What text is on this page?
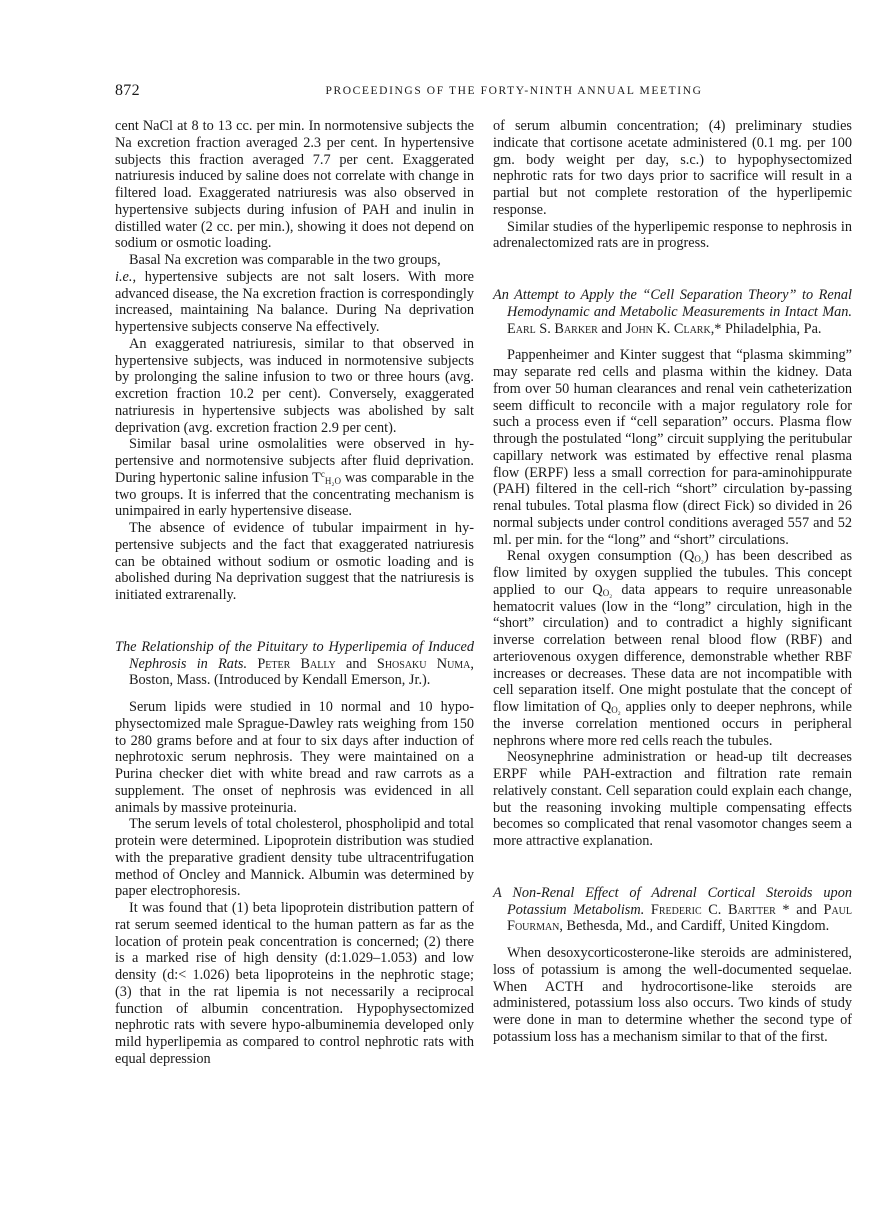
872	PROCEEDINGS OF THE FORTY-NINTH ANNUAL MEETING

cent NaCl at 8 to 13 cc. per min. In normotensive subjects the Na excretion fraction averaged 2.3 per cent. In hypertensive subjects this fraction averaged 7.7 per cent. Exaggerated natriuresis induced by saline does not correlate with change in filtered load. Exaggerated natriuresis was also observed in hypertensive subjects during infusion of PAH and inulin in distilled water (2 cc. per min.), showing it does not depend on sodium or osmotic loading.

Basal Na excretion was comparable in the two groups,

i.e., hypertensive subjects are not salt losers. With more advanced disease, the Na excretion fraction is correspondingly increased, maintaining Na balance. During Na deprivation hypertensive subjects conserve Na effectively.

An exaggerated natriuresis, similar to that observed in hypertensive subjects, was induced in normotensive subjects by prolonging the saline infusion to two or three hours (avg. excretion fraction 10.2 per cent). Conversely, exaggerated natriuresis in hypertensive subjects was abolished by salt deprivation (avg. excretion fraction 2.9 per cent).

Similar basal urine osmolalities were observed in hypertensive and normotensive subjects after fluid deprivation. During hypertonic saline infusion $T^c_{H_2O}$ was comparable in the two groups. It is inferred that the concentrating mechanism is unimpaired in early hypertensive disease.

The absence of evidence of tubular impairment in hypertensive subjects and the fact that exaggerated natriuresis can be obtained without sodium or osmotic loading and is abolished during Na deprivation suggest that the natriuresis is initiated extrarenally.

The Relationship of the Pituitary to Hyperlipemia of Induced Nephrosis in Rats. Peter Bally and Shosaku Numa, Boston, Mass. (Introduced by Kendall Emerson, Jr.).

Serum lipids were studied in 10 normal and 10 hypophysectomized male Sprague-Dawley rats weighing from 150 to 280 grams before and at four to six days after induction of nephrotoxic serum nephrosis. They were maintained on a Purina checker diet with white bread and raw carrots as a supplement. The onset of nephrosis was evidenced in all animals by massive proteinuria.

The serum levels of total cholesterol, phospholipid and total protein were determined. Lipoprotein distribution was studied with the preparative gradient density tube ultracentrifugation method of Oncley and Mannick. Albumin was determined by paper electrophoresis.

It was found that (1) beta lipoprotein distribution pattern of rat serum seemed identical to the human pattern as far as the location of protein peak concentration is concerned; (2) there is a marked rise of high density (d:1.029–1.053) and low density (d:< 1.026) beta lipoproteins in the nephrotic stage; (3) that in the rat lipemia is not necessarily a reciprocal function of albumin concentration. Hypophysectomized nephrotic rats with severe hypo-albuminemia developed only mild hyperlipemia as compared to control nephrotic rats with equal depression

of serum albumin concentration; (4) preliminary studies indicate that cortisone acetate administered (0.1 mg. per 100 gm. body weight per day, s.c.) to hypophysectomized nephrotic rats for two days prior to sacrifice will result in a partial but not complete restoration of the hyperlipemic response.

Similar studies of the hyperlipemic response to nephrosis in adrenalectomized rats are in progress.

An Attempt to Apply the “Cell Separation Theory” to Renal Hemodynamic and Metabolic Measurements in Intact Man. Earl S. Barker and John K. Clark,* Philadelphia, Pa.

Pappenheimer and Kinter suggest that “plasma skimming” may separate red cells and plasma within the kidney. Data from over 50 human clearances and renal vein catheterization seem difficult to reconcile with a major regulatory role for such a process even if “cell separation” occurs. Plasma flow through the postulated “long” circuit supplying the peritubular capillary network was estimated by effective renal plasma flow (ERPF) less a small correction for para-aminohippurate (PAH) filtered in the cell-rich “short” circulation by-passing renal tubules. Total plasma flow (direct Fick) so divided in 26 normal subjects under control conditions averaged 557 and 52 ml. per min. for the “long” and “short” circulations.

Renal oxygen consumption $(Q_{O_2})$ has been described as flow limited by oxygen supplied the tubules. This concept applied to our $Q_{O_2}$ data appears to require unreasonable hematocrit values (low in the “long” circulation, high in the “short” circulation) and to contradict a highly significant inverse correlation between renal blood flow (RBF) and arteriovenous oxygen difference, demonstrable whether RBF increases or decreases. These data are not incompatible with cell separation itself. One might postulate that the concept of flow limitation of $Q_{O_2}$ applies only to deeper nephrons, while the inverse correlation mentioned occurs in peripheral nephrons where more red cells reach the tubules.

Neosynephrine administration or head-up tilt decreases ERPF while PAH-extraction and filtration rate remain relatively constant. Cell separation could explain each change, but the reasoning invoking multiple compensating effects becomes so complicated that renal vasomotor changes seem a more attractive explanation.

A Non-Renal Effect of Adrenal Cortical Steroids upon Potassium Metabolism. Frederic C. Bartter * and Paul Fourman, Bethesda, Md., and Cardiff, United Kingdom.

When desoxycorticosterone-like steroids are administered, loss of potassium is among the well-documented sequelae. When ACTH and hydrocortisone-like steroids are administered, potassium loss also occurs. Two kinds of study were done in man to determine whether the second type of potassium loss has a mechanism similar to that of the first.
